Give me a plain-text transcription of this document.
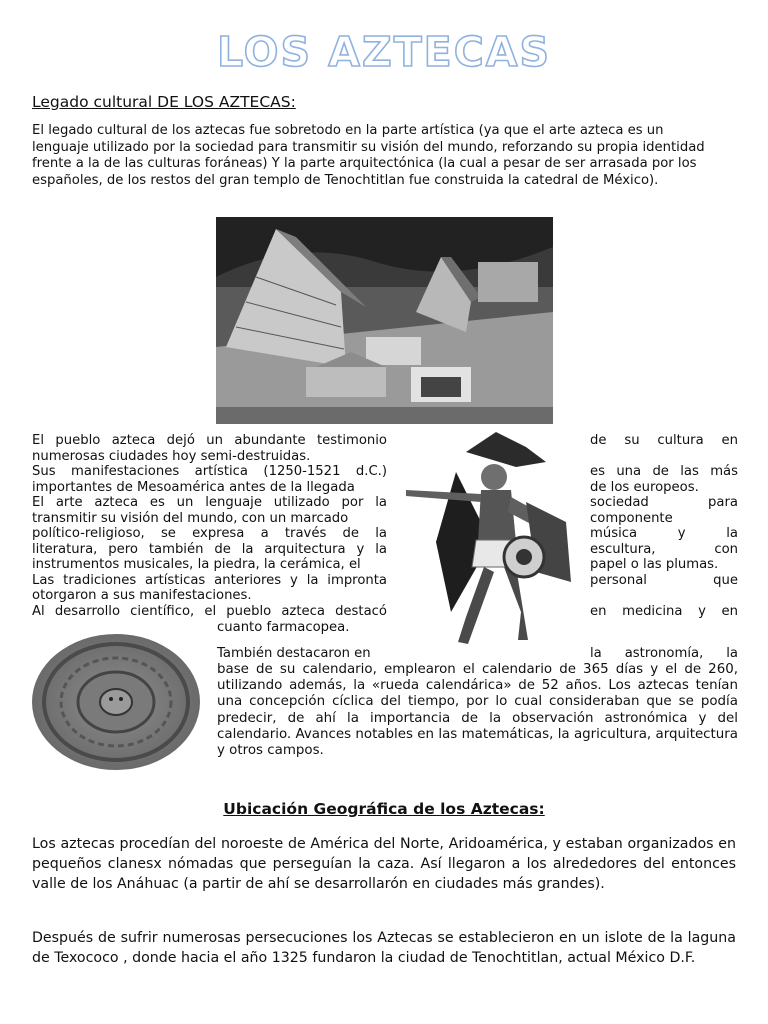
LOS AZTECAS
Legado cultural DE LOS AZTECAS:

El legado cultural de los aztecas fue sobretodo en la parte artística (ya que el arte azteca es un lenguaje utilizado por la sociedad para transmitir su visión del mundo, reforzando su propia identidad frente a la de las culturas foráneas) Y la parte arquitectónica (la cual a pesar de ser arrasada por los españoles, de los restos del gran templo de Tenochtitlan fue construida la catedral de México).

El pueblo azteca dejó un abundante testimonio	de su cultura en
numerosas ciudades hoy semi-destruidas.
Sus manifestaciones artística (1250-1521 d.C.)	es una de las más
importantes de Mesoamérica antes de la llegada	de los europeos.
El arte azteca es un lenguaje utilizado por la	sociedad para
transmitir su visión del mundo, con un marcado	componente
político-religioso, se expresa a través de la	música y la
literatura, pero también de la arquitectura y la	escultura, con
instrumentos musicales, la piedra, la cerámica, el	papel o las plumas.
Las tradiciones artísticas anteriores y la impronta	personal que
otorgaron a sus manifestaciones.
Al desarrollo científico, el pueblo azteca destacó	en medicina y en
cuanto farmacopea.
También destacaron en	la astronomía, la

base de su calendario, emplearon el calendario de 365 días y el de 260, utilizando además, la «rueda calendárica» de 52 años. Los aztecas tenían una concepción cíclica del tiempo, por lo cual consideraban que se podía predecir, de ahí la importancia de la observación astronómica y del calendario. Avances notables en las matemáticas, la agricultura, arquitectura y otros campos.

Ubicación Geográfica de los Aztecas:

Los aztecas procedían del noroeste de América del Norte, Aridoamérica, y estaban organizados en pequeños clanesx nómadas que perseguían la caza. Así llegaron a los alrededores del entonces valle de los Anáhuac (a partir de ahí se desarrollarón en ciudades más grandes).

Después de sufrir numerosas persecuciones los Aztecas se establecieron en un islote de la laguna de Texococo , donde hacia el año 1325 fundaron la ciudad de Tenochtitlan, actual México D.F.
